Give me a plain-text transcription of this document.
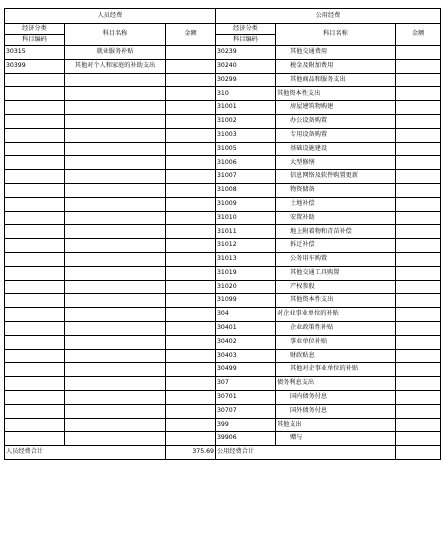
人员经费			公用经费		
经济分类	科目名称	金额	经济分类	科目名称	金额
科目编码			科目编码		
30315	就业服务补贴		30239	其他交通费用	
30399	其他对个人和家庭的补助支出		30240	税金及附加费用	
			30299	其他商品和服务支出	
			310	其他资本性支出	
			31001	房屋建筑物购建	
			31002	办公设备购置	
			31003	专用设备购置	
			31005	基础设施建设	
			31006	大型修缮	
			31007	信息网络及软件购置更新	
			31008	物资储备	
			31009	土地补偿	
			31010	安置补助	
			31011	地上附着物和青苗补偿	
			31012	拆迁补偿	
			31013	公务用车购置	
			31019	其他交通工具购置	
			31020	产权参股	
			31099	其他资本性支出	
			304	对企业事业单位的补贴	
			30401	企业政策性补贴	
			30402	事业单位补贴	
			30403	财政贴息	
			30499	其他对企事业单位的补贴	
			307	债务利息支出	
			30701	国内债务付息	
			30707	国外债务付息	
			399	其他支出	
			39906	赠与	
人员经费合计		375.69	公用经费合计		
